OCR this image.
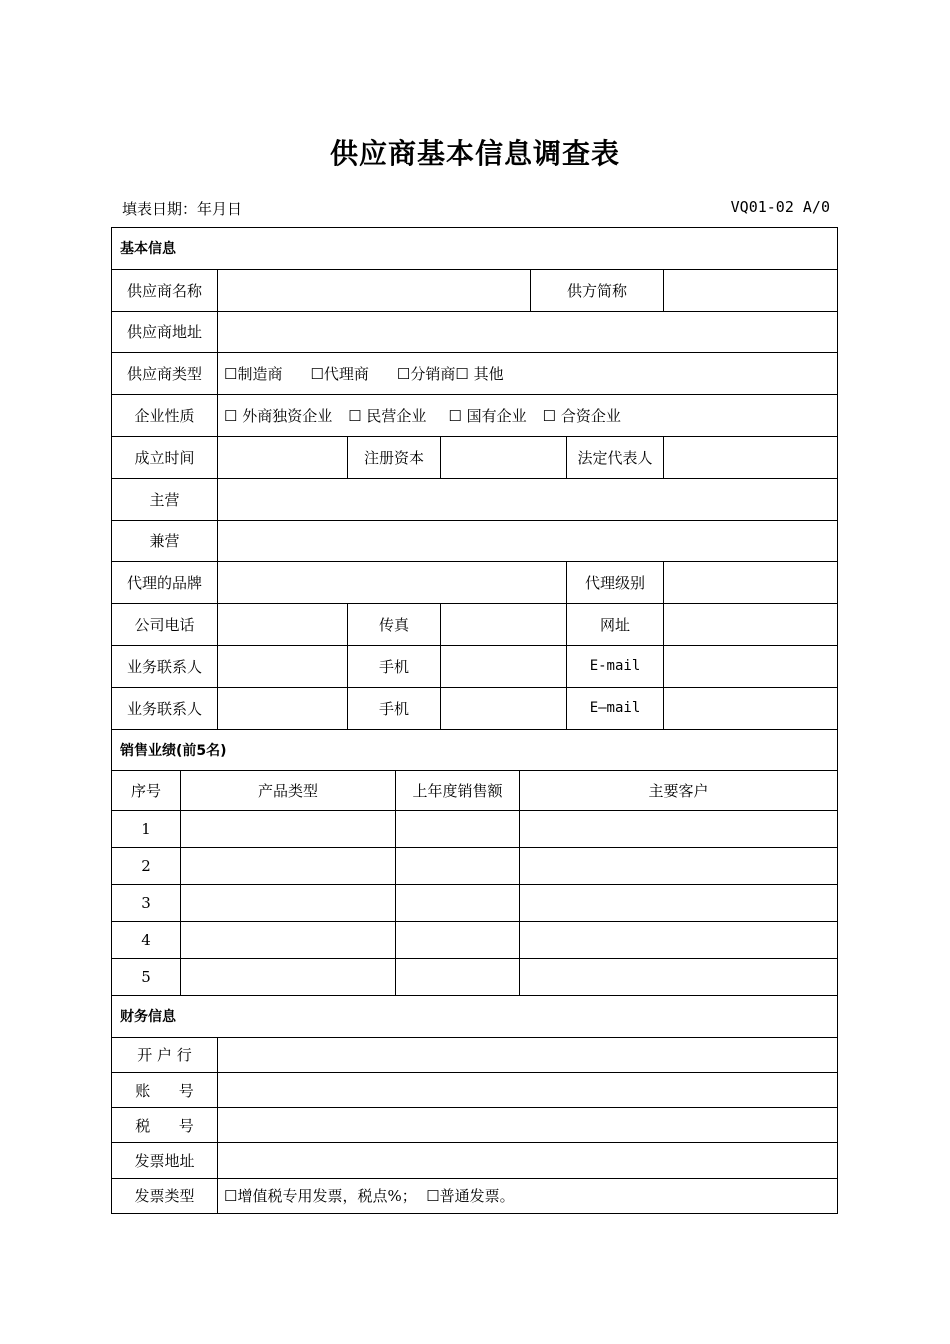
供应商基本信息调查表
填表日期：年月日	VQ01-02 A/0
基本信息						
供应商名称				供方简称		
供应商地址						
供应商类型	☐制造商 ☐代理商 ☐分销商☐ 其他					
企业性质	☐ 外商独资企业 ☐ 民营企业 ☐ 国有企业 ☐ 合资企业					
成立时间		注册资本			法定代表人	
主营						
兼营						
代理的品牌					代理级别	
公司电话		传真			网址	
业务联系人		手机			E-mail	
业务联系人		手机			E—mail	
销售业绩(前5名)			
序号	产品类型	上年度销售额	主要客户
1			
2			
3			
4			
5			
财务信息	
开 户 行	
账      号	
税      号	
发票地址	
发票类型	☐增值税专用发票，税点%；  ☐普通发票。
